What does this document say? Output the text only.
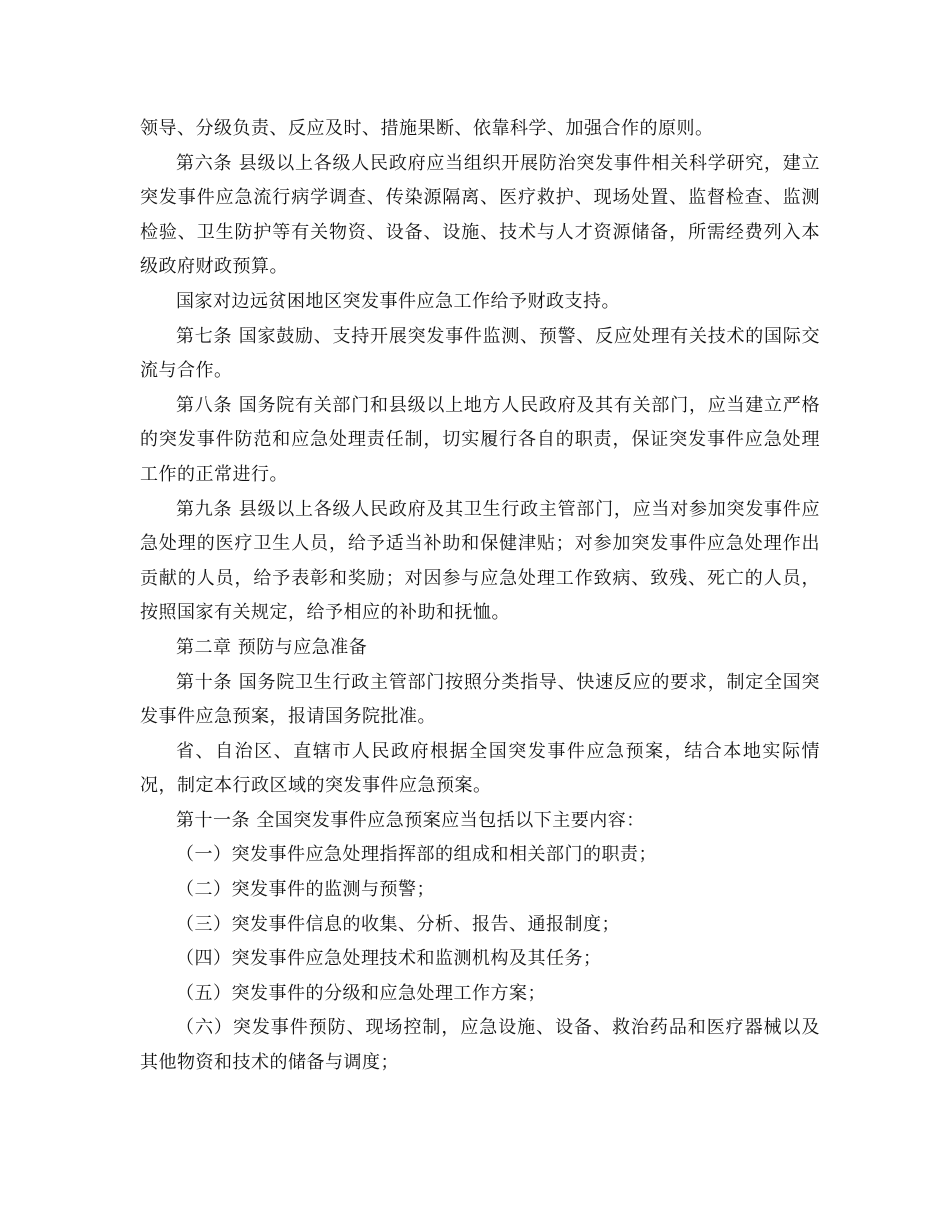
领导、分级负责、反应及时、措施果断、依靠科学、加强合作的原则。

第六条 县级以上各级人民政府应当组织开展防治突发事件相关科学研究，建立突发事件应急流行病学调查、传染源隔离、医疗救护、现场处置、监督检查、监测检验、卫生防护等有关物资、设备、设施、技术与人才资源储备，所需经费列入本级政府财政预算。

国家对边远贫困地区突发事件应急工作给予财政支持。

第七条 国家鼓励、支持开展突发事件监测、预警、反应处理有关技术的国际交流与合作。

第八条 国务院有关部门和县级以上地方人民政府及其有关部门，应当建立严格的突发事件防范和应急处理责任制，切实履行各自的职责，保证突发事件应急处理工作的正常进行。

第九条 县级以上各级人民政府及其卫生行政主管部门，应当对参加突发事件应急处理的医疗卫生人员，给予适当补助和保健津贴；对参加突发事件应急处理作出贡献的人员，给予表彰和奖励；对因参与应急处理工作致病、致残、死亡的人员，按照国家有关规定，给予相应的补助和抚恤。

第二章 预防与应急准备

第十条 国务院卫生行政主管部门按照分类指导、快速反应的要求，制定全国突发事件应急预案，报请国务院批准。

省、自治区、直辖市人民政府根据全国突发事件应急预案，结合本地实际情况，制定本行政区域的突发事件应急预案。

第十一条 全国突发事件应急预案应当包括以下主要内容：

（一）突发事件应急处理指挥部的组成和相关部门的职责；

（二）突发事件的监测与预警；

（三）突发事件信息的收集、分析、报告、通报制度；

（四）突发事件应急处理技术和监测机构及其任务；

（五）突发事件的分级和应急处理工作方案；

（六）突发事件预防、现场控制，应急设施、设备、救治药品和医疗器械以及其他物资和技术的储备与调度；
